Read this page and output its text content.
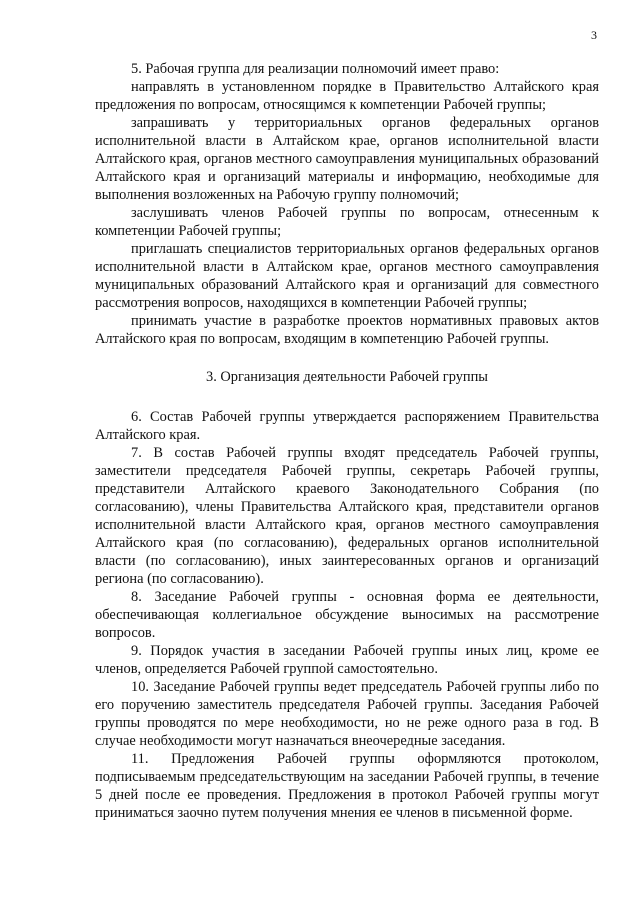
3

5. Рабочая группа для реализации полномочий имеет право:

направлять в установленном порядке в Правительство Алтайского края предложения по вопросам, относящимся к компетенции Рабочей группы;

запрашивать у территориальных органов федеральных органов исполнительной власти в Алтайском крае, органов исполнительной власти Алтайского края, органов местного самоуправления муниципальных образований Алтайского края и организаций материалы и информацию, необходимые для выполнения возложенных на Рабочую группу полномочий;

заслушивать членов Рабочей группы по вопросам, отнесенным к компетенции Рабочей группы;

приглашать специалистов территориальных органов федеральных органов исполнительной власти в Алтайском крае, органов местного самоуправления муниципальных образований Алтайского края и организаций для совместного рассмотрения вопросов, находящихся в компетенции Рабочей группы;

принимать участие в разработке проектов нормативных правовых актов Алтайского края по вопросам, входящим в компетенцию Рабочей группы.

3. Организация деятельности Рабочей группы

6. Состав Рабочей группы утверждается распоряжением Правительства Алтайского края.

7. В состав Рабочей группы входят председатель Рабочей группы, заместители председателя Рабочей группы, секретарь Рабочей группы, представители Алтайского краевого Законодательного Собрания (по согласованию), члены Правительства Алтайского края, представители органов исполнительной власти Алтайского края, органов местного самоуправления Алтайского края (по согласованию), федеральных органов исполнительной власти (по согласованию), иных заинтересованных органов и организаций региона (по согласованию).

8. Заседание Рабочей группы - основная форма ее деятельности, обеспечивающая коллегиальное обсуждение выносимых на рассмотрение вопросов.

9. Порядок участия в заседании Рабочей группы иных лиц, кроме ее членов, определяется Рабочей группой самостоятельно.

10. Заседание Рабочей группы ведет председатель Рабочей группы либо по его поручению заместитель председателя Рабочей группы. Заседания Рабочей группы проводятся по мере необходимости, но не реже одного раза в год. В случае необходимости могут назначаться внеочередные заседания.

11. Предложения Рабочей группы оформляются протоколом, подписываемым председательствующим на заседании Рабочей группы, в течение 5 дней после ее проведения. Предложения в протокол Рабочей группы могут приниматься заочно путем получения мнения ее членов в письменной форме.
